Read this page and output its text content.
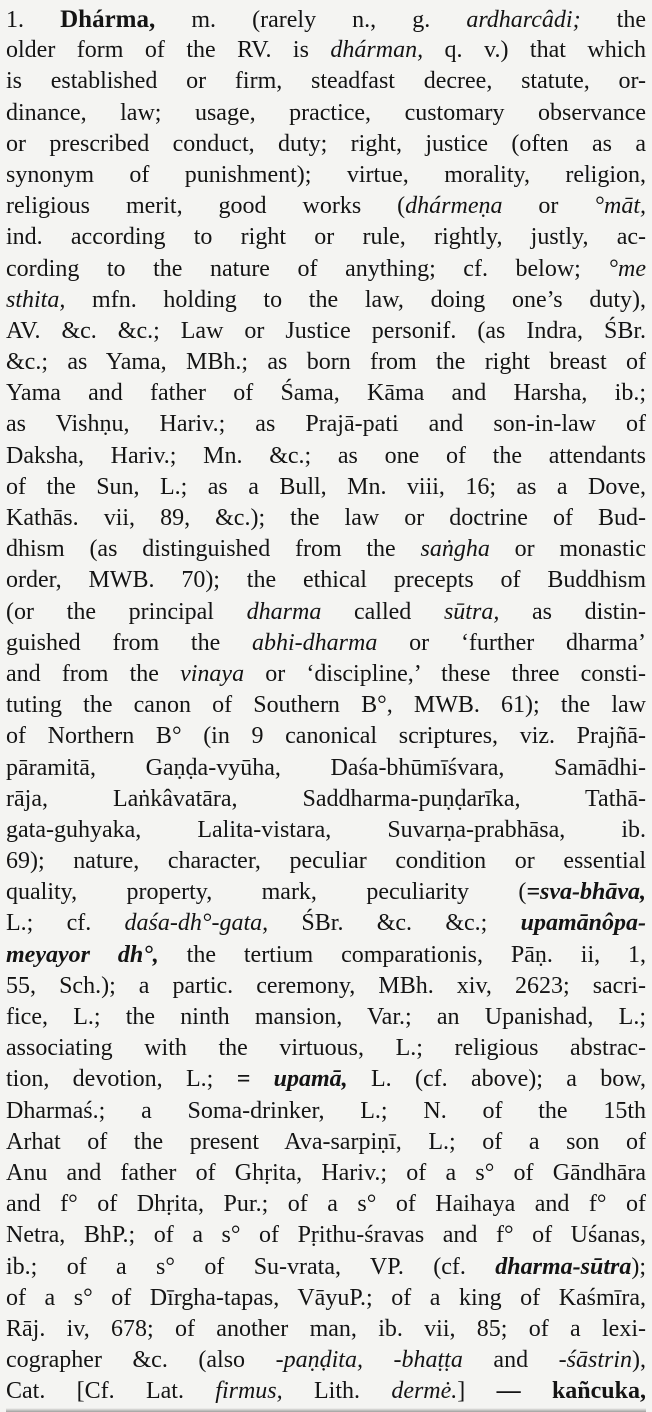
1. Dhárma, m. (rarely n., g. ardharcâdi; the
older form of the RV. is dhárman, q. v.) that which
is established or firm, steadfast decree, statute, or-
dinance, law; usage, practice, customary observance
or prescribed conduct, duty; right, justice (often as a
synonym of punishment); virtue, morality, religion,
religious merit, good works (dhármeṇa or °māt,
ind. according to right or rule, rightly, justly, ac-
cording to the nature of anything; cf. below; °me
sthita, mfn. holding to the law, doing one’s duty),
AV. &c. &c.; Law or Justice personif. (as Indra, ŚBr.
&c.; as Yama, MBh.; as born from the right breast of
Yama and father of Śama, Kāma and Harsha, ib.;
as Vishṇu, Hariv.; as Prajā-pati and son-in-law of
Daksha, Hariv.; Mn. &c.; as one of the attendants
of the Sun, L.; as a Bull, Mn. viii, 16; as a Dove,
Kathās. vii, 89, &c.); the law or doctrine of Bud-
dhism (as distinguished from the saṅgha or monastic
order, MWB. 70); the ethical precepts of Buddhism
(or the principal dharma called sūtra, as distin-
guished from the abhi-dharma or ‘further dharma’
and from the vinaya or ‘discipline,’ these three consti-
tuting the canon of Southern B°, MWB. 61); the law
of Northern B° (in 9 canonical scriptures, viz. Prajñā-
pāramitā, Gaṇḍa-vyūha, Daśa-bhūmīśvara, Samādhi-
rāja, Laṅkâvatāra, Saddharma-puṇḍarīka, Tathā-
gata-guhyaka, Lalita-vistara, Suvarṇa-prabhāsa, ib.
69); nature, character, peculiar condition or essential
quality, property, mark, peculiarity (=sva-bhāva,
L.; cf. daśa-dh°-gata, ŚBr. &c. &c.; upamānôpa-
meyayor dh°, the tertium comparationis, Pāṇ. ii, 1,
55, Sch.); a partic. ceremony, MBh. xiv, 2623; sacri-
fice, L.; the ninth mansion, Var.; an Upanishad, L.;
associating with the virtuous, L.; religious abstrac-
tion, devotion, L.; = upamā, L. (cf. above); a bow,
Dharmaś.; a Soma-drinker, L.; N. of the 15th
Arhat of the present Ava-sarpiṇī, L.; of a son of
Anu and father of Ghṛita, Hariv.; of a s° of Gāndhāra
and f° of Dhṛita, Pur.; of a s° of Haihaya and f° of
Netra, BhP.; of a s° of Pṛithu-śravas and f° of Uśanas,
ib.; of a s° of Su-vrata, VP. (cf. dharma-sūtra);
of a s° of Dīrgha-tapas, VāyuP.; of a king of Kaśmīra,
Rāj. iv, 678; of another man, ib. vii, 85; of a lexi-
cographer &c. (also -paṇḍita, -bhaṭṭa and -śāstrin),
Cat. [Cf. Lat. firmus, Lith. dermė.] — kañcuka,
